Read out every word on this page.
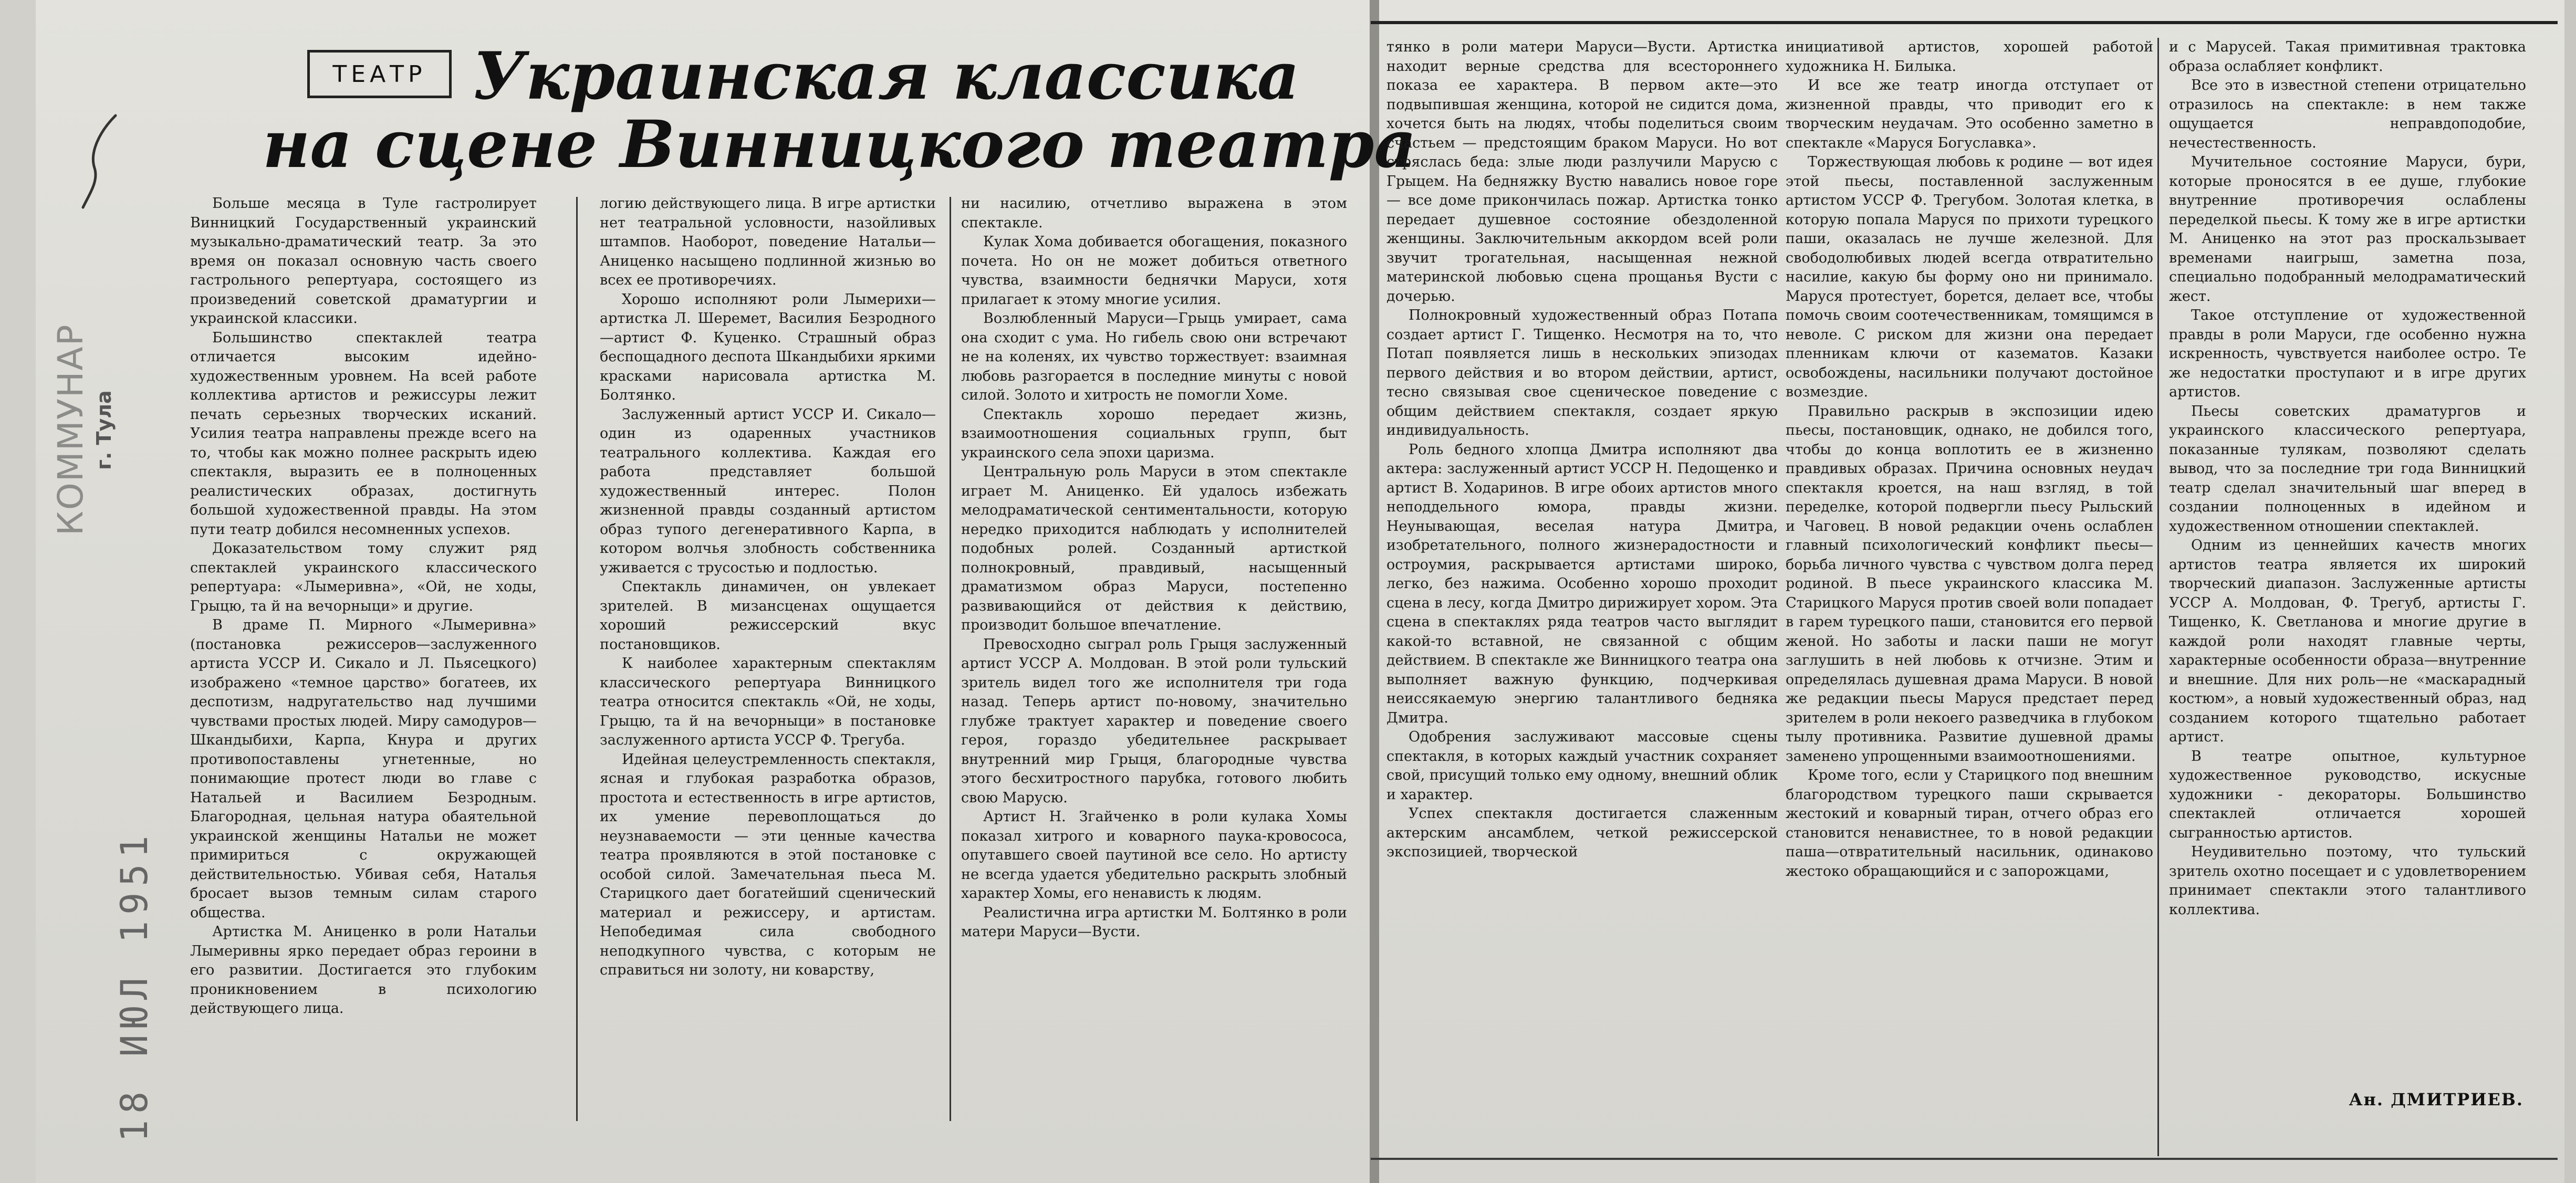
КОММУНАР г. Тула
18 ИЮЛ 1951
ТЕАТР Украинская классика
на сцене Винницкого театра

Больше месяца в Туле гастролирует Винницкий Государственный украинский музыкально-драматический театр. За это время он показал основную часть своего гастрольного репертуара, состоящего из произведений советской драматургии и украинской классики.

Большинство спектаклей театра отличается высоким идейно-художественным уровнем. На всей работе коллектива артистов и режиссуры лежит печать серьезных творческих исканий. Усилия театра направлены прежде всего на то, чтобы как можно полнее раскрыть идею спектакля, выразить ее в полноценных реалистических образах, достигнуть большой художественной правды. На этом пути театр добился несомненных успехов.

Доказательством тому служит ряд спектаклей украинского классического репертуара: «Лымеривна», «Ой, не ходы, Грыцю, та й на вечорныци» и другие.

В драме П. Мирного «Лымеривна» (постановка режиссеров—заслуженного артиста УССР И. Сикало и Л. Пьясецкого) изображено «темное царство» богатеев, их деспотизм, надругательство над лучшими чувствами простых людей. Миру самодуров—Шкандыбихи, Карпа, Кнура и других противопоставлены угнетенные, но понимающие протест люди во главе с Натальей и Василием Безродным. Благородная, цельная натура обаятельной украинской женщины Натальи не может примириться с окружающей действительностью. Убивая себя, Наталья бросает вызов темным силам старого общества.

Артистка М. Аниценко в роли Натальи Лымеривны ярко передает образ героини в его развитии. Достигается это глубоким проникновением в психологию действующего лица.

логию действующего лица. В игре артистки нет театральной условности, назойливых штампов. Наоборот, поведение Натальи—Аниценко насыщено подлинной жизнью во всех ее противоречиях.

Хорошо исполняют роли Лымерихи—артистка Л. Шеремет, Василия Безродного—артист Ф. Куценко. Страшный образ беспощадного деспота Шкандыбихи яркими красками нарисовала артистка М. Болтянко.

Заслуженный артист УССР И. Сикало—один из одаренных участников театрального коллектива. Каждая его работа представляет большой художественный интерес. Полон жизненной правды созданный артистом образ тупого дегенеративного Карпа, в котором волчья злобность собственника уживается с трусостью и подлостью.

Спектакль динамичен, он увлекает зрителей. В мизансценах ощущается хороший режиссерский вкус постановщиков.

К наиболее характерным спектаклям классического репертуара Винницкого театра относится спектакль «Ой, не ходы, Грыцю, та й на вечорныци» в постановке заслуженного артиста УССР Ф. Трегуба.

Идейная целеустремленность спектакля, ясная и глубокая разработка образов, простота и естественность в игре артистов, их умение перевоплощаться до неузнаваемости — эти ценные качества театра проявляются в этой постановке с особой силой. Замечательная пьеса М. Старицкого дает богатейший сценический материал и режиссеру, и артистам. Непобедимая сила свободного неподкупного чувства, с которым не справиться ни золоту, ни коварству,

ни насилию, отчетливо выражена в этом спектакле.

Кулак Хома добивается обогащения, показного почета. Но он не может добиться ответного чувства, взаимности беднячки Маруси, хотя прилагает к этому многие усилия.

Возлюбленный Маруси—Грыць умирает, сама она сходит с ума. Но гибель свою они встречают не на коленях, их чувство торжествует: взаимная любовь разгорается в последние минуты с новой силой. Золото и хитрость не помогли Хоме.

Спектакль хорошо передает жизнь, взаимоотношения социальных групп, быт украинского села эпохи царизма.

Центральную роль Маруси в этом спектакле играет М. Аниценко. Ей удалось избежать мелодраматической сентиментальности, которую нередко приходится наблюдать у исполнителей подобных ролей. Созданный артисткой полнокровный, правдивый, насыщенный драматизмом образ Маруси, постепенно развивающийся от действия к действию, производит большое впечатление.

Превосходно сыграл роль Грыця заслуженный артист УССР А. Молдован. В этой роли тульский зритель видел того же исполнителя три года назад. Теперь артист по-новому, значительно глубже трактует характер и поведение своего героя, гораздо убедительнее раскрывает внутренний мир Грыця, благородные чувства этого бесхитростного парубка, готового любить свою Марусю.

Артист Н. Згайченко в роли кулака Хомы показал хитрого и коварного паука-кровососа, опутавшего своей паутиной все село. Но артисту не всегда удается убедительно раскрыть злобный характер Хомы, его ненависть к людям.

Реалистична игра артистки М. Болтянко в роли матери Маруси—Вусти.

тянко в роли матери Маруси—Вусти. Артистка находит верные средства для всестороннего показа ее характера. В первом акте—это подвыпившая женщина, которой не сидится дома, хочется быть на людях, чтобы поделиться своим счастьем — предстоящим браком Маруси. Но вот стряслась беда: злые люди разлучили Марусю с Грыцем. На бедняжку Вустю навались новое горе — все доме прикончилась пожар. Артистка тонко передает душевное состояние обездоленной женщины. Заключительным аккордом всей роли звучит трогательная, насыщенная нежной материнской любовью сцена прощанья Вусти с дочерью.

Полнокровный художественный образ Потапа создает артист Г. Тищенко. Несмотря на то, что Потап появляется лишь в нескольких эпизодах первого действия и во втором действии, артист, тесно связывая свое сценическое поведение с общим действием спектакля, создает яркую индивидуальность.

Роль бедного хлопца Дмитра исполняют два актера: заслуженный артист УССР Н. Педощенко и артист В. Ходаринов. В игре обоих артистов много неподдельного юмора, правды жизни. Неунывающая, веселая натура Дмитра, изобретательного, полного жизнерадостности и остроумия, раскрывается артистами широко, легко, без нажима. Особенно хорошо проходит сцена в лесу, когда Дмитро дирижирует хором. Эта сцена в спектаклях ряда театров часто выглядит какой-то вставной, не связанной с общим действием. В спектакле же Винницкого театра она выполняет важную функцию, подчеркивая неиссякаемую энергию талантливого бедняка Дмитра.

Одобрения заслуживают массовые сцены спектакля, в которых каждый участник сохраняет свой, присущий только ему одному, внешний облик и характер.

Успех спектакля достигается слаженным актерским ансамблем, четкой режиссерской экспозицией, творческой

инициативой артистов, хорошей работой художника Н. Билыка.

И все же театр иногда отступает от жизненной правды, что приводит его к творческим неудачам. Это особенно заметно в спектакле «Маруся Богуславка».

Торжествующая любовь к родине — вот идея этой пьесы, поставленной заслуженным артистом УССР Ф. Трегубом. Золотая клетка, в которую попала Маруся по прихоти турецкого паши, оказалась не лучше железной. Для свободолюбивых людей всегда отвратительно насилие, какую бы форму оно ни принимало. Маруся протестует, борется, делает все, чтобы помочь своим соотечественникам, томящимся в неволе. С риском для жизни она передает пленникам ключи от казематов. Казаки освобождены, насильники получают достойное возмездие.

Правильно раскрыв в экспозиции идею пьесы, постановщик, однако, не добился того, чтобы до конца воплотить ее в жизненно правдивых образах. Причина основных неудач спектакля кроется, на наш взгляд, в той переделке, которой подвергли пьесу Рыльский и Чаговец. В новой редакции очень ослаблен главный психологический конфликт пьесы—борьба личного чувства с чувством долга перед родиной. В пьесе украинского классика М. Старицкого Маруся против своей воли попадает в гарем турецкого паши, становится его первой женой. Но заботы и ласки паши не могут заглушить в ней любовь к отчизне. Этим и определялась душевная драма Маруси. В новой же редакции пьесы Маруся предстает перед зрителем в роли некоего разведчика в глубоком тылу противника. Развитие душевной драмы заменено упрощенными взаимоотношениями.

Кроме того, если у Старицкого под внешним благородством турецкого паши скрывается жестокий и коварный тиран, отчего образ его становится ненавистнее, то в новой редакции паша—отвратительный насильник, одинаково жестоко обращающийся и с запорожцами,

и с Марусей. Такая примитивная трактовка образа ослабляет конфликт.

Все это в известной степени отрицательно отразилось на спектакле: в нем также ощущается неправдоподобие, нечестественность.

Мучительное состояние Маруси, бури, которые проносятся в ее душе, глубокие внутренние противоречия ослаблены переделкой пьесы. К тому же в игре артистки М. Аниценко на этот раз проскальзывает временами наигрыш, заметна поза, специально подобранный мелодраматический жест.

Такое отступление от художественной правды в роли Маруси, где особенно нужна искренность, чувствуется наиболее остро. Те же недостатки проступают и в игре других артистов.

Пьесы советских драматургов и украинского классического репертуара, показанные тулякам, позволяют сделать вывод, что за последние три года Винницкий театр сделал значительный шаг вперед в создании полноценных в идейном и художественном отношении спектаклей.

Одним из ценнейших качеств многих артистов театра является их широкий творческий диапазон. Заслуженные артисты УССР А. Молдован, Ф. Трегуб, артисты Г. Тищенко, К. Светланова и многие другие в каждой роли находят главные черты, характерные особенности образа—внутренние и внешние. Для них роль—не «маскарадный костюм», а новый художественный образ, над созданием которого тщательно работает артист.

В театре опытное, культурное художественное руководство, искусные художники - декораторы. Большинство спектаклей отличается хорошей сыгранностью артистов.

Неудивительно поэтому, что тульский зритель охотно посещает и с удовлетворением принимает спектакли этого талантливого коллектива.

Ан. ДМИТРИЕВ.
